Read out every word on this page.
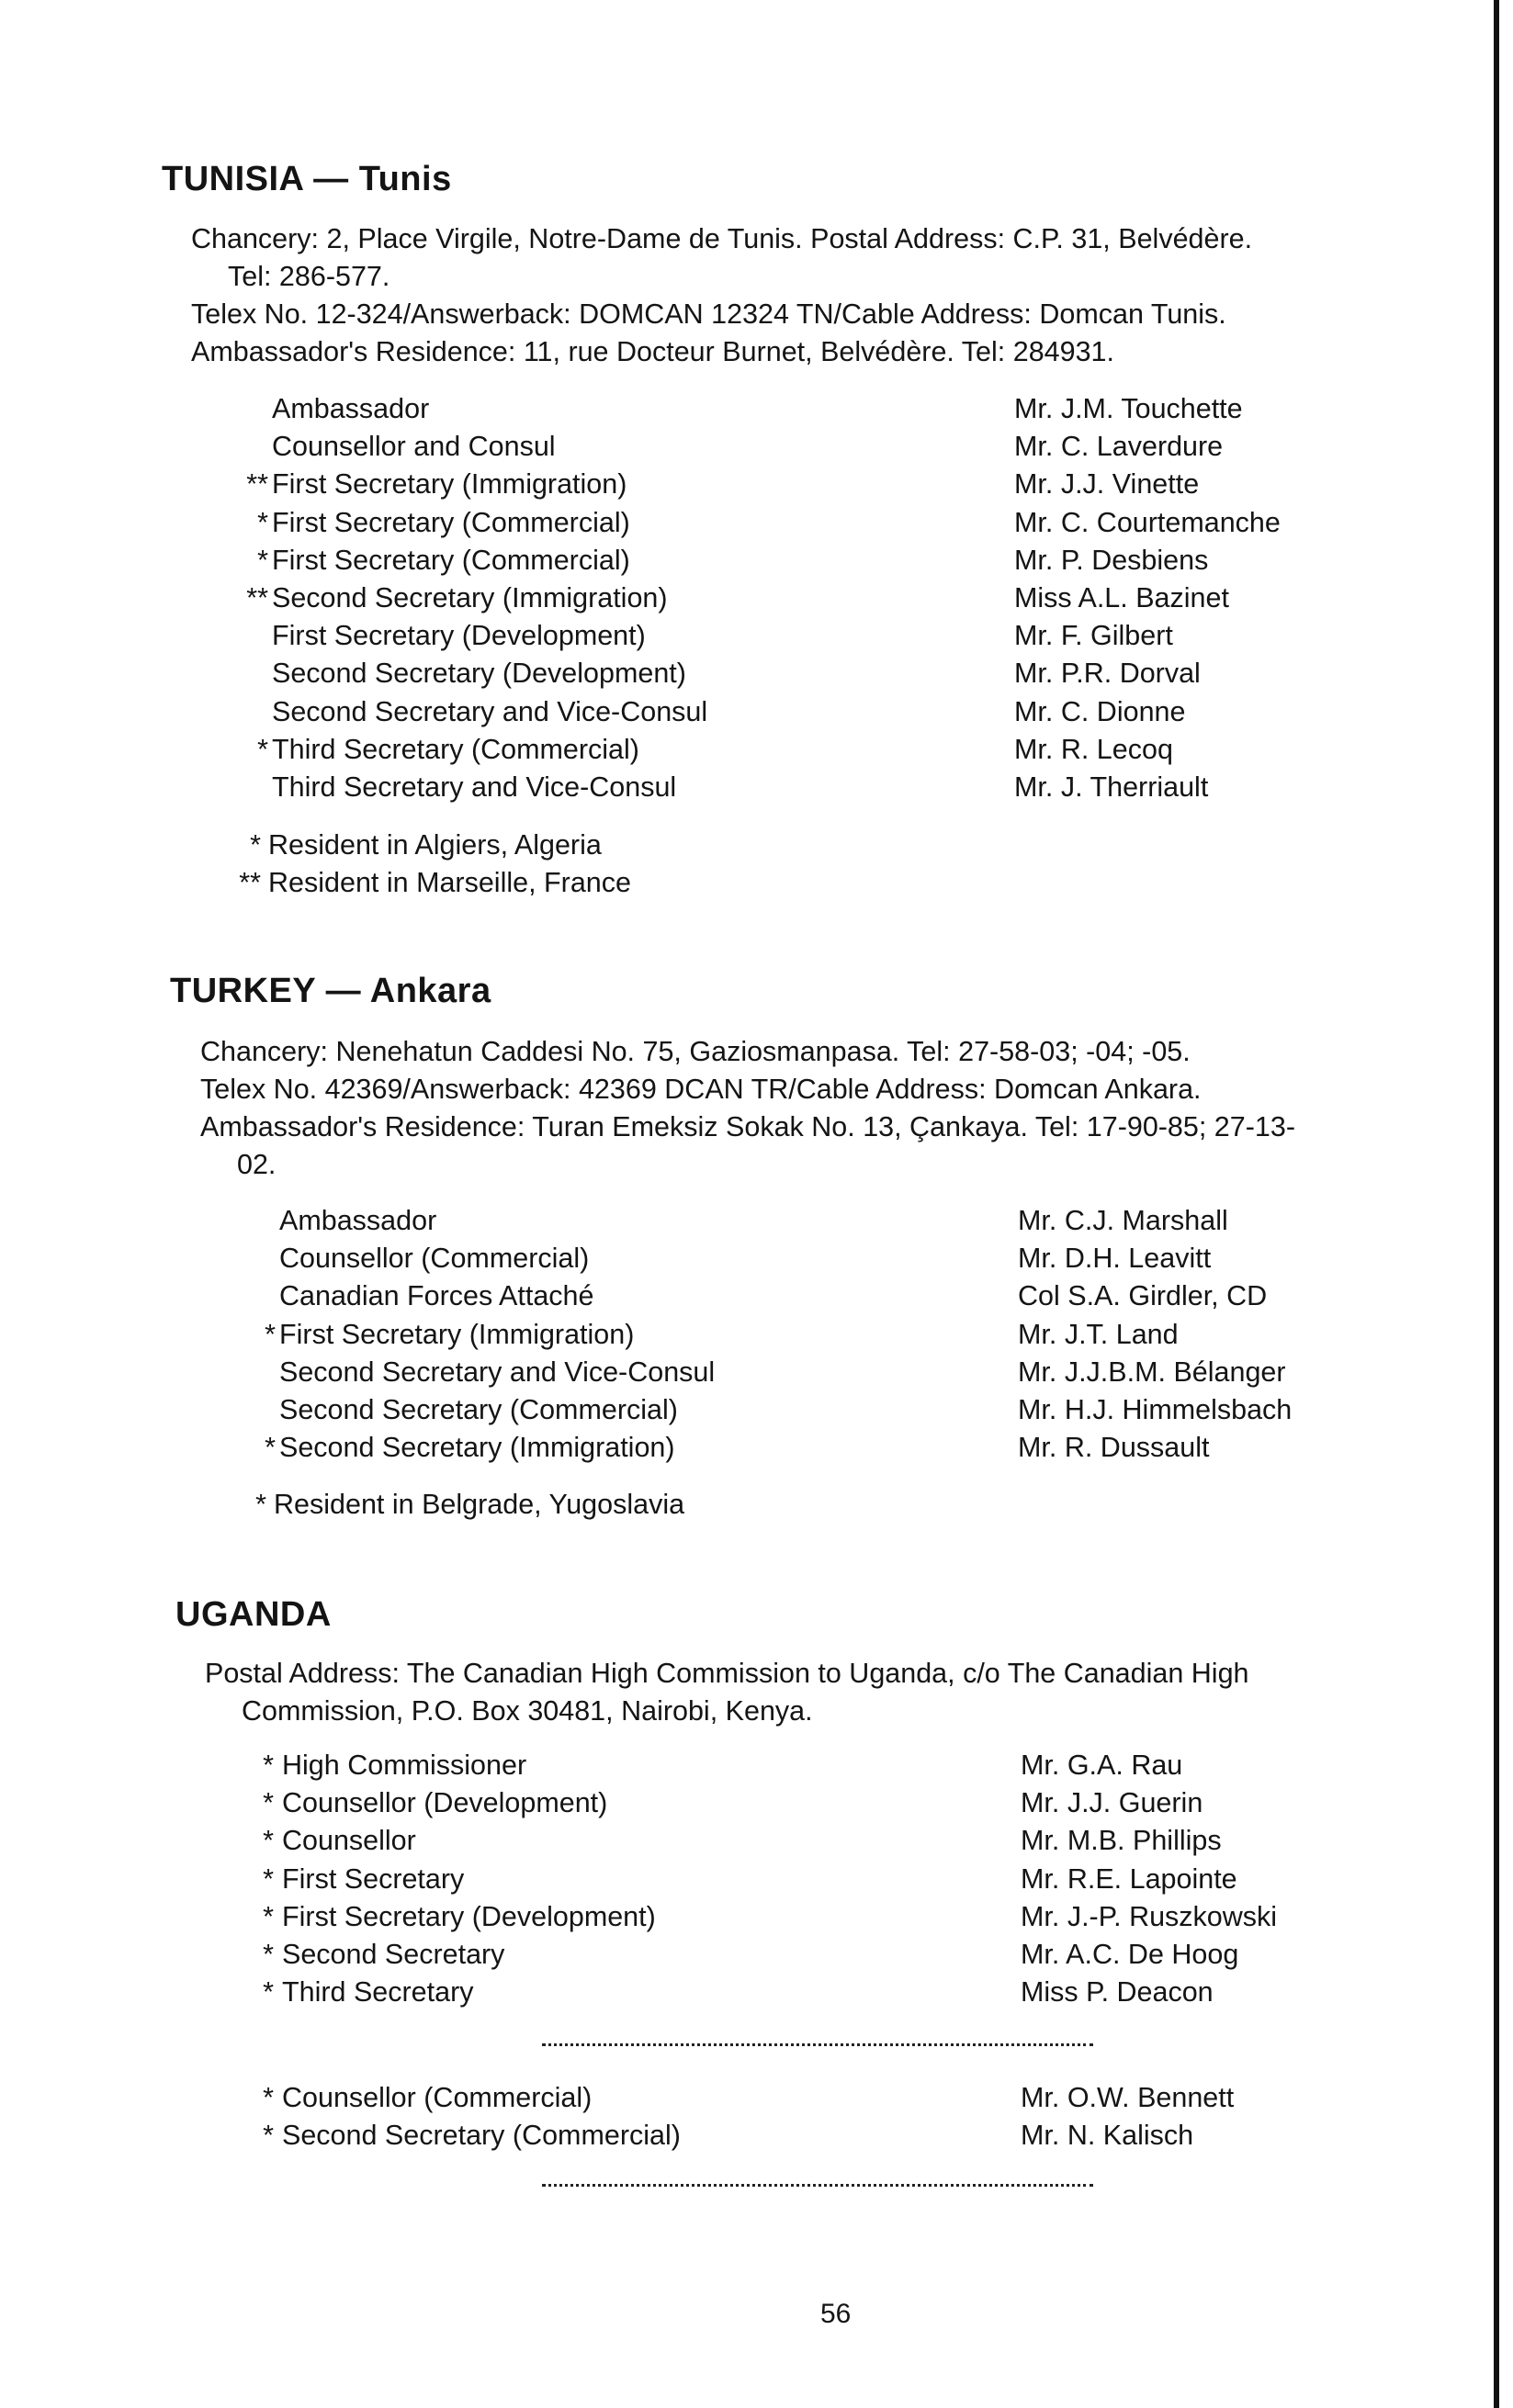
TUNISIA — Tunis
Chancery: 2, Place Virgile, Notre-Dame de Tunis. Postal Address: C.P. 31, Belvédère.
Tel: 286-577.
Telex No. 12-324/Answerback: DOMCAN 12324 TN/Cable Address: Domcan Tunis.
Ambassador's Residence: 11, rue Docteur Burnet, Belvédère. Tel: 284931.
Ambassador	Mr. J.M. Touchette
Counsellor and Consul	Mr. C. Laverdure
** First Secretary (Immigration)	Mr. J.J. Vinette
* First Secretary (Commercial)	Mr. C. Courtemanche
* First Secretary (Commercial)	Mr. P. Desbiens
** Second Secretary (Immigration)	Miss A.L. Bazinet
First Secretary (Development)	Mr. F. Gilbert
Second Secretary (Development)	Mr. P.R. Dorval
Second Secretary and Vice-Consul	Mr. C. Dionne
* Third Secretary (Commercial)	Mr. R. Lecoq
Third Secretary and Vice-Consul	Mr. J. Therriault
* Resident in Algiers, Algeria
** Resident in Marseille, France
TURKEY — Ankara
Chancery: Nenehatun Caddesi No. 75, Gaziosmanpasa. Tel: 27-58-03; -04; -05.
Telex No. 42369/Answerback: 42369 DCAN TR/Cable Address: Domcan Ankara.
Ambassador's Residence: Turan Emeksiz Sokak No. 13, Çankaya. Tel: 17-90-85; 27-13-
02.
Ambassador	Mr. C.J. Marshall
Counsellor (Commercial)	Mr. D.H. Leavitt
Canadian Forces Attaché	Col S.A. Girdler, CD
* First Secretary (Immigration)	Mr. J.T. Land
Second Secretary and Vice-Consul	Mr. J.J.B.M. Bélanger
Second Secretary (Commercial)	Mr. H.J. Himmelsbach
* Second Secretary (Immigration)	Mr. R. Dussault
* Resident in Belgrade, Yugoslavia
UGANDA
Postal Address: The Canadian High Commission to Uganda, c/o The Canadian High
Commission, P.O. Box 30481, Nairobi, Kenya.
* High Commissioner	Mr. G.A. Rau
* Counsellor (Development)	Mr. J.J. Guerin
* Counsellor	Mr. M.B. Phillips
* First Secretary	Mr. R.E. Lapointe
* First Secretary (Development)	Mr. J.-P. Ruszkowski
* Second Secretary	Mr. A.C. De Hoog
* Third Secretary	Miss P. Deacon
* Counsellor (Commercial)	Mr. O.W. Bennett
* Second Secretary (Commercial)	Mr. N. Kalisch
56
